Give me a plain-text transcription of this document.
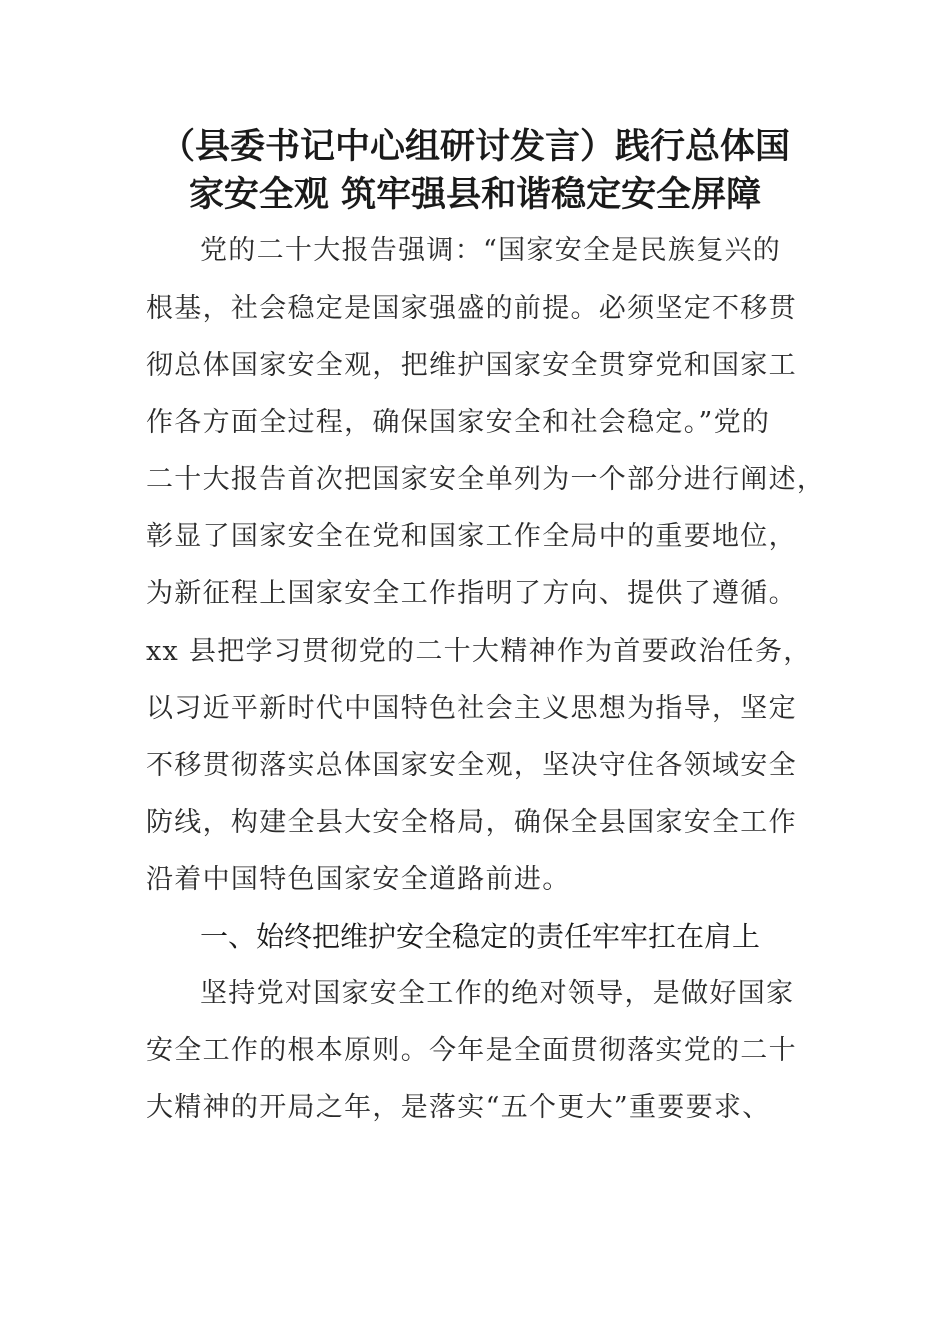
（县委书记中心组研讨发言）践行总体国
家安全观 筑牢强县和谐稳定安全屏障
党的二十大报告强调：“国家安全是民族复兴的
根基，社会稳定是国家强盛的前提。必须坚定不移贯
彻总体国家安全观，把维护国家安全贯穿党和国家工
作各方面全过程，确保国家安全和社会稳定。”党的
二十大报告首次把国家安全单列为一个部分进行阐述，
彰显了国家安全在党和国家工作全局中的重要地位，
为新征程上国家安全工作指明了方向、提供了遵循。
xx 县把学习贯彻党的二十大精神作为首要政治任务，
以习近平新时代中国特色社会主义思想为指导，坚定
不移贯彻落实总体国家安全观，坚决守住各领域安全
防线，构建全县大安全格局，确保全县国家安全工作
沿着中国特色国家安全道路前进。
一、始终把维护安全稳定的责任牢牢扛在肩上
坚持党对国家安全工作的绝对领导，是做好国家
安全工作的根本原则。今年是全面贯彻落实党的二十
大精神的开局之年，是落实“五个更大”重要要求、
